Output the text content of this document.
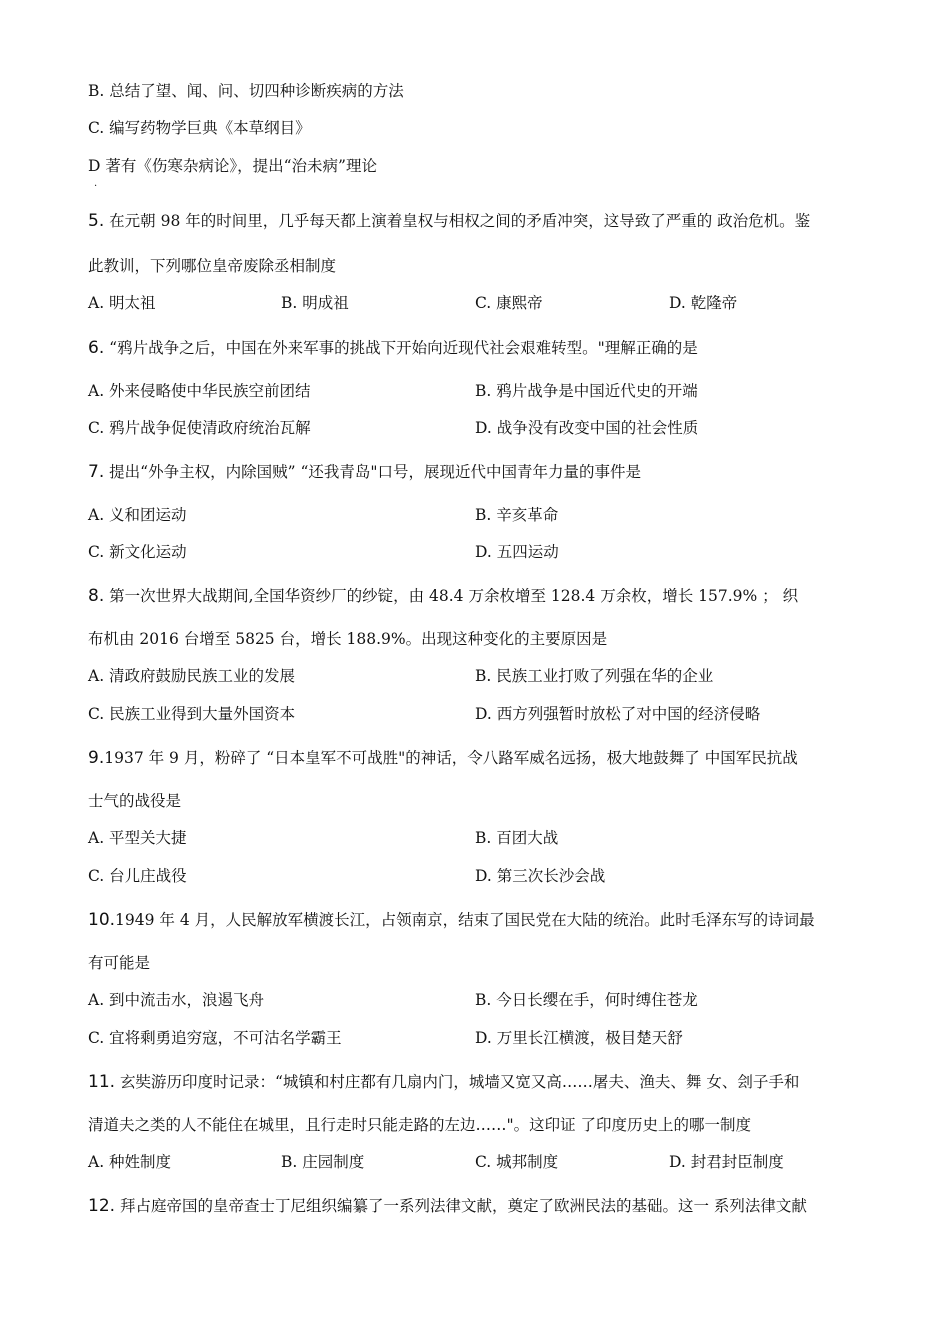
B. 总结了望、闻、问、切四种诊断疾病的方法
C. 编写药物学巨典《本草纲目》
D 著有《伤寒杂病论》，提出“治未病”理论
.
5. 在元朝 98 年的时间里，几乎每天都上演着皇权与相权之间的矛盾冲突，这导致了严重的 政治危机。鉴
此教训，下列哪位皇帝废除丞相制度
A. 明太祖	B. 明成祖	C. 康熙帝	D. 乾隆帝
6. “鸦片战争之后，中国在外来军事的挑战下开始向近现代社会艰难转型。"理解正确的是
A. 外来侵略使中华民族空前团结	B. 鸦片战争是中国近代史的开端
C. 鸦片战争促使清政府统治瓦解	D. 战争没有改变中国的社会性质
7. 提出“外争主权，内除国贼” “还我青岛"口号，展现近代中国青年力量的事件是
A. 义和团运动	B. 辛亥革命
C. 新文化运动	D. 五四运动
8. 第一次世界大战期间,全国华资纱厂的纱锭，由 48.4 万余枚增至 128.4 万余枚，增长 157.9% ； 织
布机由 2016 台增至 5825 台，增长 188.9%。出现这种变化的主要原因是
A. 清政府鼓励民族工业的发展	B. 民族工业打败了列强在华的企业
C. 民族工业得到大量外国资本	D. 西方列强暂时放松了对中国的经济侵略
9.1937 年 9 月，粉碎了 “日本皇军不可战胜"的神话，令八路军威名远扬，极大地鼓舞了 中国军民抗战
士气的战役是
A. 平型关大捷	B. 百团大战
C. 台儿庄战役	D. 第三次长沙会战
10.1949 年 4 月，人民解放军横渡长江，占领南京，结束了国民党在大陆的统治。此时毛泽东写的诗词最
有可能是
A. 到中流击水，浪遏飞舟	B. 今日长缨在手，何时缚住苍龙
C. 宜将剩勇追穷寇，不可沽名学霸王	D. 万里长江横渡，极目楚天舒
11. 玄奘游历印度时记录：“城镇和村庄都有几扇内门，城墙又宽又高……屠夫、渔夫、舞 女、刽子手和
清道夫之类的人不能住在城里，且行走时只能走路的左边……"。这印证 了印度历史上的哪一制度
A. 种姓制度	B. 庄园制度	C. 城邦制度	D. 封君封臣制度
12. 拜占庭帝国的皇帝查士丁尼组织编纂了一系列法律文献，奠定了欧洲民法的基础。这一 系列法律文献
